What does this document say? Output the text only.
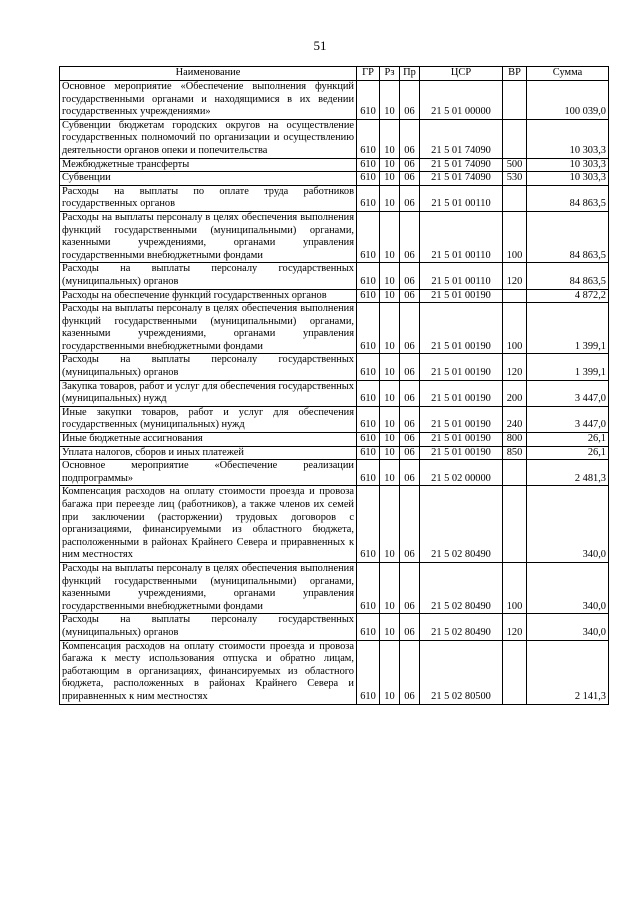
51
Наименование	ГР	Рз	Пр	ЦСР	ВР	Сумма
Основное мероприятие «Обеспечение выполнения функций государственными органами и находящимися в их ведении государственных учреждениями»	610	10	06	21 5 01 00000		100 039,0
Субвенции бюджетам городских округов на осуществление государственных полномочий по организации и осуществлению деятельности органов опеки и попечительства	610	10	06	21 5 01 74090		10 303,3
Межбюджетные трансферты	610	10	06	21 5 01 74090	500	10 303,3
Субвенции	610	10	06	21 5 01 74090	530	10 303,3
Расходы на выплаты по оплате труда работников государственных органов	610	10	06	21 5 01 00110		84 863,5
Расходы на выплаты персоналу в целях обеспечения выполнения функций государственными (муниципальными) органами, казенными учреждениями, органами управления государственными внебюджетными фондами	610	10	06	21 5 01 00110	100	84 863,5
Расходы на выплаты персоналу государственных (муниципальных) органов	610	10	06	21 5 01 00110	120	84 863,5
Расходы на обеспечение функций государственных органов	610	10	06	21 5 01 00190		4 872,2
Расходы на выплаты персоналу в целях обеспечения выполнения функций государственными (муниципальными) органами, казенными учреждениями, органами управления государственными внебюджетными фондами	610	10	06	21 5 01 00190	100	1 399,1
Расходы на выплаты персоналу государственных (муниципальных) органов	610	10	06	21 5 01 00190	120	1 399,1
Закупка товаров, работ и услуг для обеспечения государственных (муниципальных) нужд	610	10	06	21 5 01 00190	200	3 447,0
Иные закупки товаров, работ и услуг для обеспечения государственных (муниципальных) нужд	610	10	06	21 5 01 00190	240	3 447,0
Иные бюджетные ассигнования	610	10	06	21 5 01 00190	800	26,1
Уплата налогов, сборов и иных платежей	610	10	06	21 5 01 00190	850	26,1
Основное мероприятие «Обеспечение реализации подпрограммы»	610	10	06	21 5 02 00000		2 481,3
Компенсация расходов на оплату стоимости проезда и провоза багажа при переезде лиц (работников), а также членов их семей при заключении (расторжении) трудовых договоров с организациями, финансируемыми из областного бюджета, расположенными в районах Крайнего Севера и приравненных к ним местностях	610	10	06	21 5 02 80490		340,0
Расходы на выплаты персоналу в целях обеспечения выполнения функций государственными (муниципальными) органами, казенными учреждениями, органами управления государственными внебюджетными фондами	610	10	06	21 5 02 80490	100	340,0
Расходы на выплаты персоналу государственных (муниципальных) органов	610	10	06	21 5 02 80490	120	340,0
Компенсация расходов на оплату стоимости проезда и провоза багажа к месту использования отпуска и обратно лицам, работающим в организациях, финансируемых из областного бюджета, расположенных в районах Крайнего Севера и приравненных к ним местностях	610	10	06	21 5 02 80500		2 141,3
